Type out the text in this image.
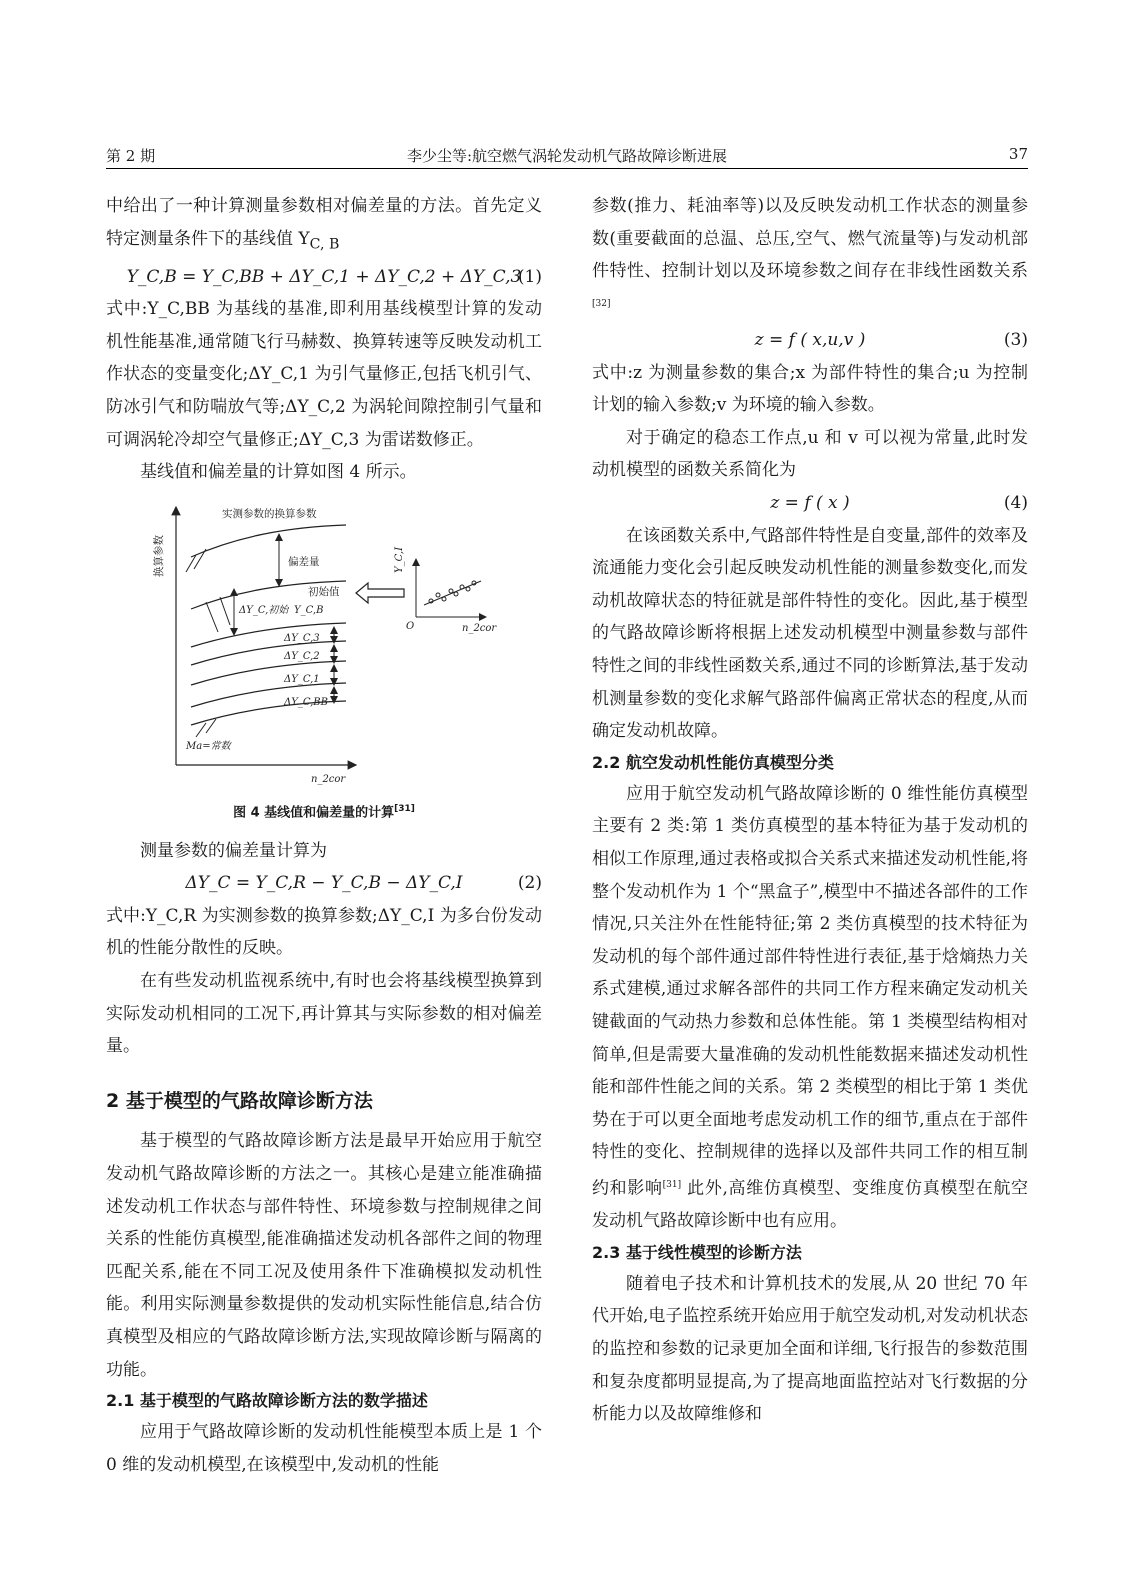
第 2 期	李少尘等:航空燃气涡轮发动机气路故障诊断进展	37

中给出了一种计算测量参数相对偏差量的方法。首先定义特定测量条件下的基线值 $Y_{C, B}$

Y_C,B = Y_C,BB + ΔY_C,1 + ΔY_C,2 + ΔY_C,3
(1)

式中:Y_C,BB 为基线的基准,即利用基线模型计算的发动机性能基准,通常随飞行马赫数、换算转速等反映发动机工作状态的变量变化;ΔY_C,1 为引气量修正,包括飞机引气、防冰引气和防喘放气等;ΔY_C,2 为涡轮间隙控制引气量和可调涡轮冷却空气量修正;ΔY_C,3 为雷诺数修正。

基线值和偏差量的计算如图 4 所示。

换算参数
实测参数的换算参数
偏差量
ΔY_C,初始 Y_C,B
初始值
ΔY_C,3
ΔY_C,2
ΔY_C,1
ΔY_C,BB
Ma=常数
n_2cor
Y_C,I
O	n_2cor
图 4 基线值和偏差量的计算[31]

测量参数的偏差量计算为

ΔY_C = Y_C,R − Y_C,B − ΔY_C,I	(2)

式中:Y_C,R 为实测参数的换算参数;ΔY_C,I 为多台份发动机的性能分散性的反映。

在有些发动机监视系统中,有时也会将基线模型换算到实际发动机相同的工况下,再计算其与实际参数的相对偏差量。

2 基于模型的气路故障诊断方法

基于模型的气路故障诊断方法是最早开始应用于航空发动机气路故障诊断的方法之一。其核心是建立能准确描述发动机工作状态与部件特性、环境参数与控制规律之间关系的性能仿真模型,能准确描述发动机各部件之间的物理匹配关系,能在不同工况及使用条件下准确模拟发动机性能。利用实际测量参数提供的发动机实际性能信息,结合仿真模型及相应的气路故障诊断方法,实现故障诊断与隔离的功能。

2.1 基于模型的气路故障诊断方法的数学描述

应用于气路故障诊断的发动机性能模型本质上是 1 个 0 维的发动机模型,在该模型中,发动机的性能

参数(推力、耗油率等)以及反映发动机工作状态的测量参数(重要截面的总温、总压,空气、燃气流量等)与发动机部件特性、控制计划以及环境参数之间存在非线性函数关系[32]

z = f ( x,u,v )	(3)

式中:z 为测量参数的集合;x 为部件特性的集合;u 为控制计划的输入参数;v 为环境的输入参数。

对于确定的稳态工作点,u 和 v 可以视为常量,此时发动机模型的函数关系简化为

z = f ( x )	(4)

在该函数关系中,气路部件特性是自变量,部件的效率及流通能力变化会引起反映发动机性能的测量参数变化,而发动机故障状态的特征就是部件特性的变化。因此,基于模型的气路故障诊断将根据上述发动机模型中测量参数与部件特性之间的非线性函数关系,通过不同的诊断算法,基于发动机测量参数的变化求解气路部件偏离正常状态的程度,从而确定发动机故障。

2.2 航空发动机性能仿真模型分类

应用于航空发动机气路故障诊断的 0 维性能仿真模型主要有 2 类:第 1 类仿真模型的基本特征为基于发动机的相似工作原理,通过表格或拟合关系式来描述发动机性能,将整个发动机作为 1 个“黑盒子”,模型中不描述各部件的工作情况,只关注外在性能特征;第 2 类仿真模型的技术特征为发动机的每个部件通过部件特性进行表征,基于焓熵热力关系式建模,通过求解各部件的共同工作方程来确定发动机关键截面的气动热力参数和总体性能。第 1 类模型结构相对简单,但是需要大量准确的发动机性能数据来描述发动机性能和部件性能之间的关系。第 2 类模型的相比于第 1 类优势在于可以更全面地考虑发动机工作的细节,重点在于部件特性的变化、控制规律的选择以及部件共同工作的相互制约和影响[31] 此外,高维仿真模型、变维度仿真模型在航空发动机气路故障诊断中也有应用。

2.3 基于线性模型的诊断方法

随着电子技术和计算机技术的发展,从 20 世纪 70 年代开始,电子监控系统开始应用于航空发动机,对发动机状态的监控和参数的记录更加全面和详细,飞行报告的参数范围和复杂度都明显提高,为了提高地面监控站对飞行数据的分析能力以及故障维修和
